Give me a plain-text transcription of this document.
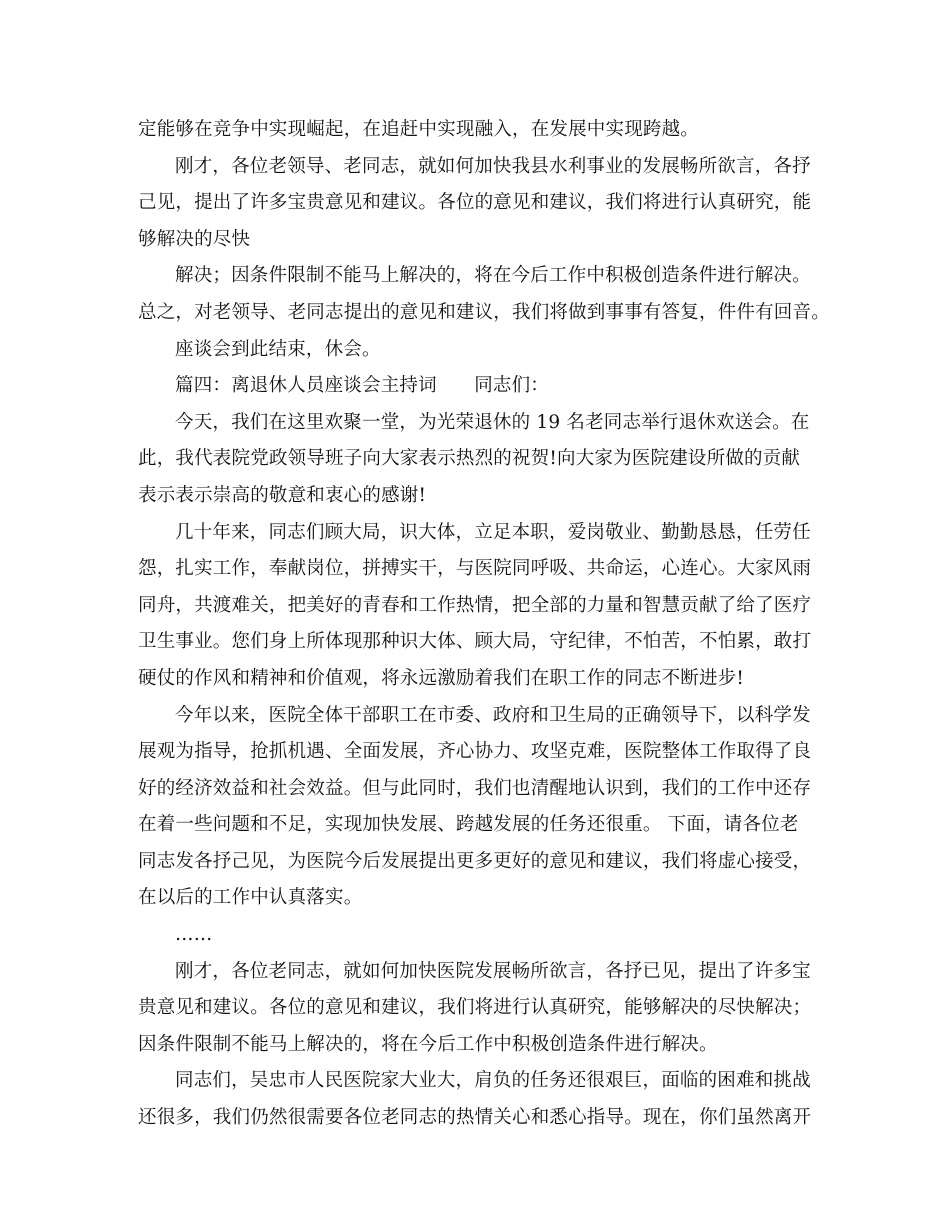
定能够在竞争中实现崛起，在追赶中实现融入，在发展中实现跨越。
刚才，各位老领导、老同志，就如何加快我县水利事业的发展畅所欲言，各抒
己见，提出了许多宝贵意见和建议。各位的意见和建议，我们将进行认真研究，能
够解决的尽快
解决；因条件限制不能马上解决的，将在今后工作中积极创造条件进行解决。
总之，对老领导、老同志提出的意见和建议，我们将做到事事有答复，件件有回音。
座谈会到此结束，休会。
篇四：离退休人员座谈会主持词　　同志们：
今天，我们在这里欢聚一堂，为光荣退休的 19 名老同志举行退休欢送会。在
此，我代表院党政领导班子向大家表示热烈的祝贺!向大家为医院建设所做的贡献
表示表示崇高的敬意和衷心的感谢!
几十年来，同志们顾大局，识大体，立足本职，爱岗敬业、勤勤恳恳，任劳任
怨，扎实工作，奉献岗位，拼搏实干，与医院同呼吸、共命运，心连心。大家风雨
同舟，共渡难关，把美好的青春和工作热情，把全部的力量和智慧贡献了给了医疗
卫生事业。您们身上所体现那种识大体、顾大局，守纪律，不怕苦，不怕累，敢打
硬仗的作风和精神和价值观，将永远激励着我们在职工作的同志不断进步!
今年以来，医院全体干部职工在市委、政府和卫生局的正确领导下，以科学发
展观为指导，抢抓机遇、全面发展，齐心协力、攻坚克难，医院整体工作取得了良
好的经济效益和社会效益。但与此同时，我们也清醒地认识到，我们的工作中还存
在着一些问题和不足，实现加快发展、跨越发展的任务还很重。 下面，请各位老
同志发各抒己见，为医院今后发展提出更多更好的意见和建议，我们将虚心接受，
在以后的工作中认真落实。
……
刚才，各位老同志，就如何加快医院发展畅所欲言，各抒已见，提出了许多宝
贵意见和建议。各位的意见和建议，我们将进行认真研究，能够解决的尽快解决；
因条件限制不能马上解决的，将在今后工作中积极创造条件进行解决。
同志们，吴忠市人民医院家大业大，肩负的任务还很艰巨，面临的困难和挑战
还很多，我们仍然很需要各位老同志的热情关心和悉心指导。现在，你们虽然离开
